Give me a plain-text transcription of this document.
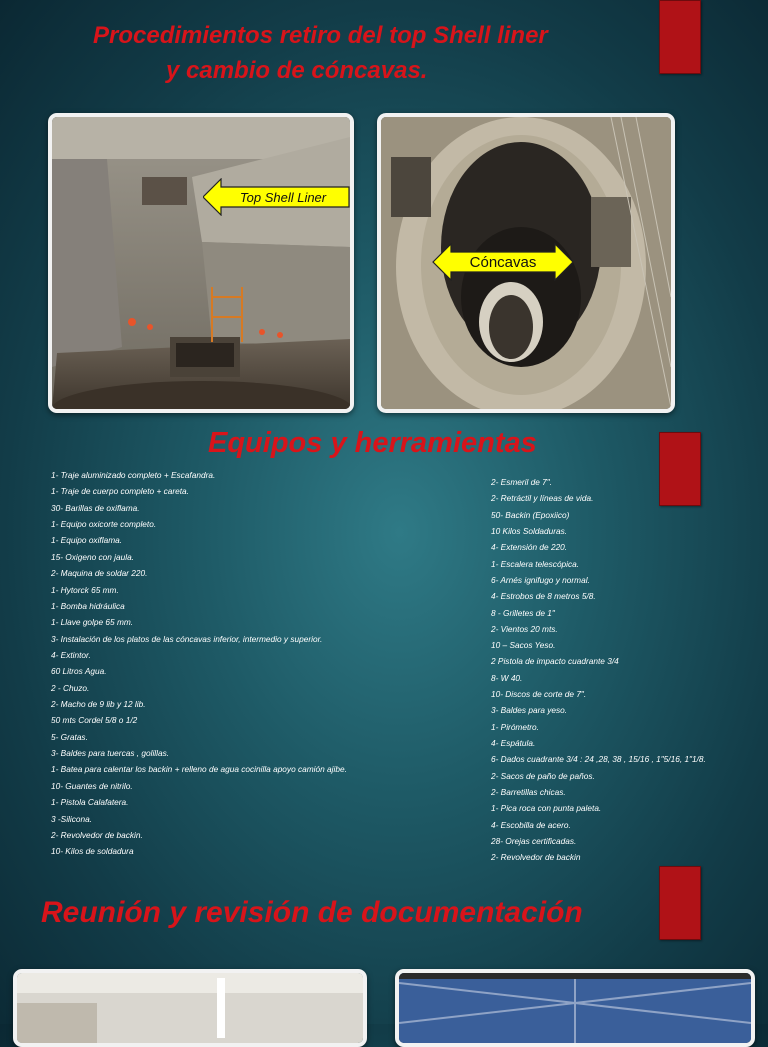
Procedimientos retiro del top Shell liner
y cambio de cóncavas.
Top Shell Liner
Cóncavas
Equipos y herramientas
1- Traje aluminizado completo + Escafandra.
1- Traje de cuerpo completo + careta.
30- Barillas de oxiflama.
1- Equipo oxicorte completo.
1- Equipo oxiflama.
15- Oxigeno con jaula.
2- Maquina de soldar 220.
1- Hytorck 65 mm.
1- Bomba hidráulica
1- Llave golpe 65 mm.
3- Instalación de los platos de las cóncavas inferior, intermedio y superior.
4- Extintor.
60 Litros Agua.
2 - Chuzo.
2- Macho de 9 lib y 12 lib.
50 mts Cordel 5/8 o 1/2
5- Gratas.
3- Baldes para tuercas , golillas.
1- Batea para calentar los backin + relleno de agua cocinilla apoyo camión ajibe.
10- Guantes de nitrilo.
1- Pistola Calafatera.
3 -Silicona.
2- Revolvedor de backin.
10- Kilos de soldadura
2- Esmeril de 7".
2- Retráctil y líneas de vida.
50- Backin (Epoxiico)
10 Kilos Soldaduras.
4- Extensión de 220.
1- Escalera telescópica.
6- Arnés ignifugo y normal.
4- Estrobos de 8 metros 5/8.
8 - Grilletes de 1"
2- Vientos 20 mts.
10 – Sacos Yeso.
2 Pistola de impacto cuadrante 3/4
8- W 40.
10- Discos de corte de 7".
3- Baldes para yeso.
1- Pirómetro.
4- Espátula.
6- Dados cuadrante 3/4 : 24 ,28, 38 , 15/16 , 1"5/16, 1"1/8.
2- Sacos de paño de paños.
2- Barretillas chicas.
1- Pica roca con punta paleta.
4- Escobilla de acero.
28- Orejas certificadas.
2- Revolvedor de backin
Reunión y revisión de documentación
